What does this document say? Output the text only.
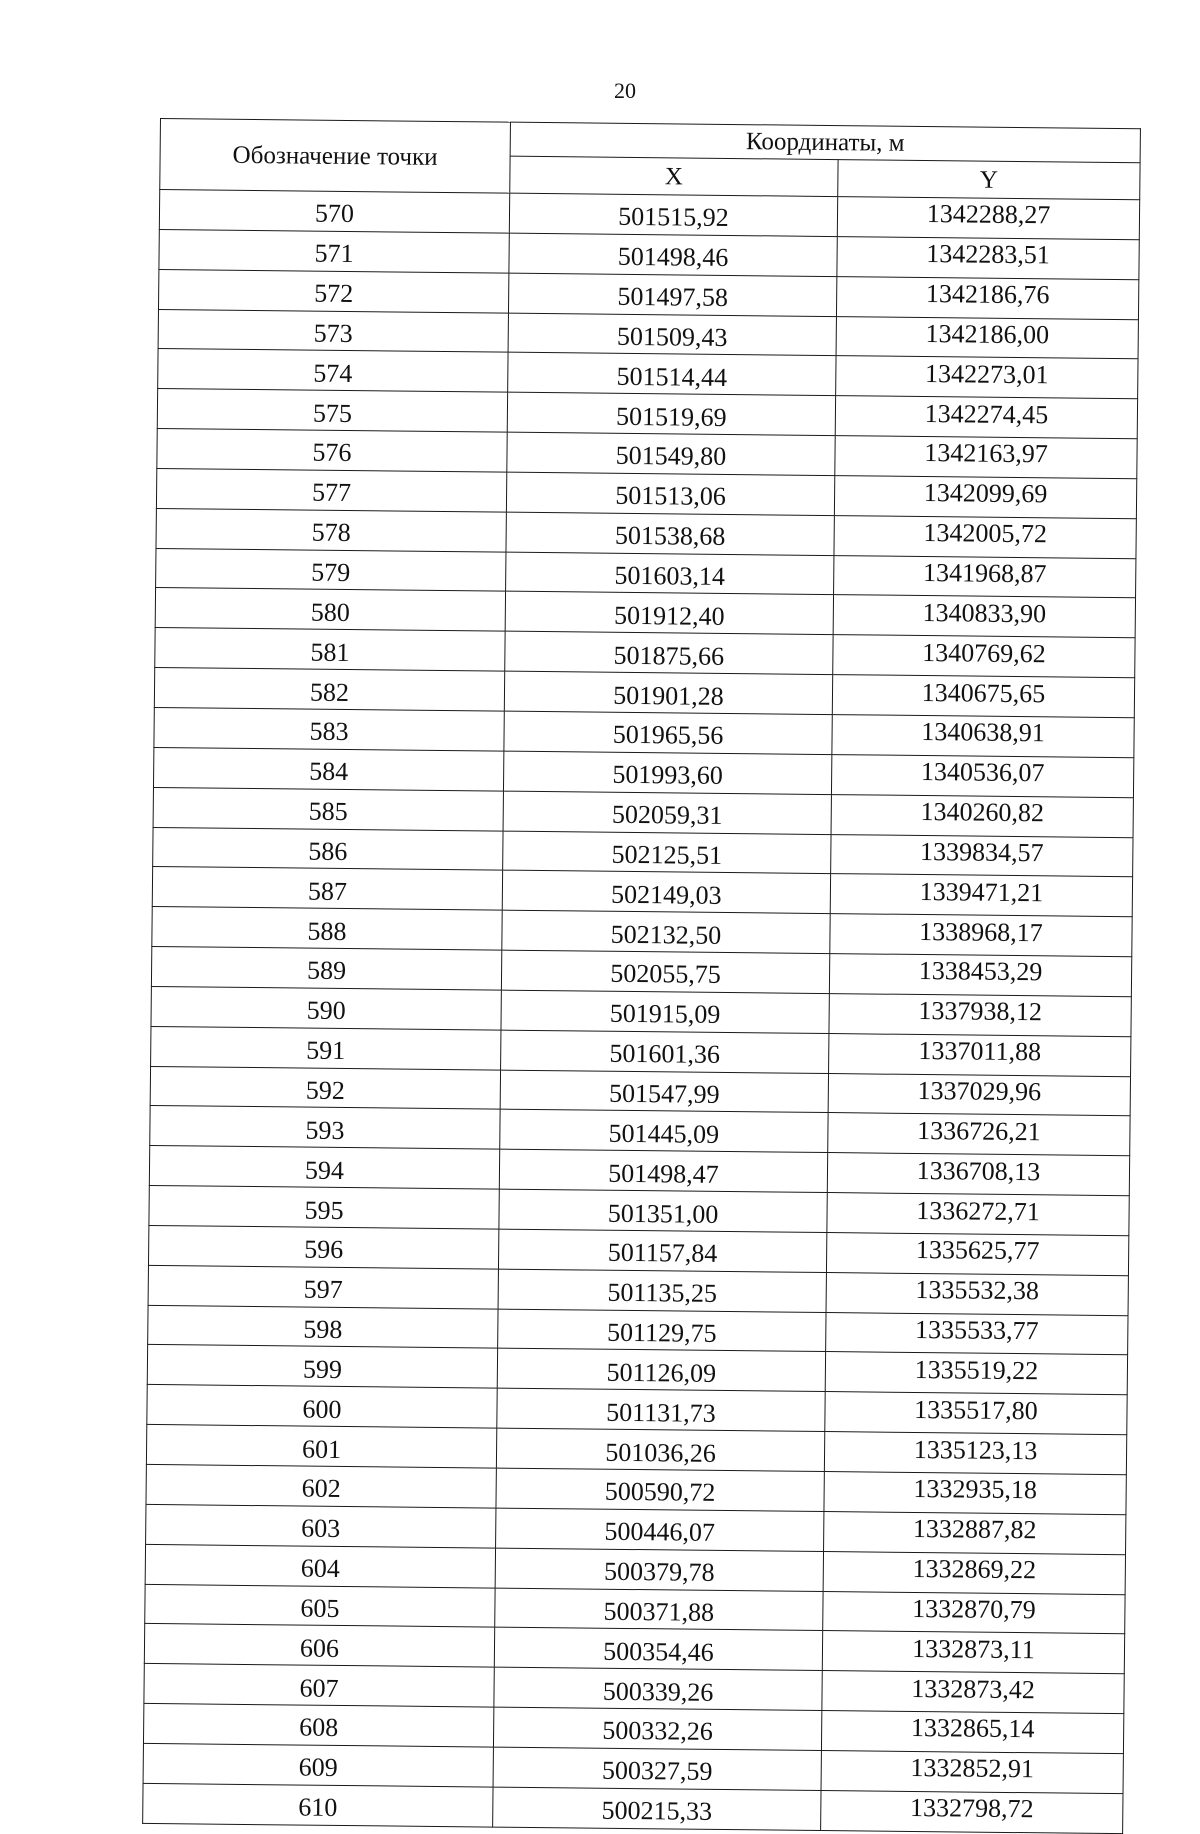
20
Обозначение точки	Координаты, м	
	X	Y
570	501515,92	1342288,27
571	501498,46	1342283,51
572	501497,58	1342186,76
573	501509,43	1342186,00
574	501514,44	1342273,01
575	501519,69	1342274,45
576	501549,80	1342163,97
577	501513,06	1342099,69
578	501538,68	1342005,72
579	501603,14	1341968,87
580	501912,40	1340833,90
581	501875,66	1340769,62
582	501901,28	1340675,65
583	501965,56	1340638,91
584	501993,60	1340536,07
585	502059,31	1340260,82
586	502125,51	1339834,57
587	502149,03	1339471,21
588	502132,50	1338968,17
589	502055,75	1338453,29
590	501915,09	1337938,12
591	501601,36	1337011,88
592	501547,99	1337029,96
593	501445,09	1336726,21
594	501498,47	1336708,13
595	501351,00	1336272,71
596	501157,84	1335625,77
597	501135,25	1335532,38
598	501129,75	1335533,77
599	501126,09	1335519,22
600	501131,73	1335517,80
601	501036,26	1335123,13
602	500590,72	1332935,18
603	500446,07	1332887,82
604	500379,78	1332869,22
605	500371,88	1332870,79
606	500354,46	1332873,11
607	500339,26	1332873,42
608	500332,26	1332865,14
609	500327,59	1332852,91
610	500215,33	1332798,72
